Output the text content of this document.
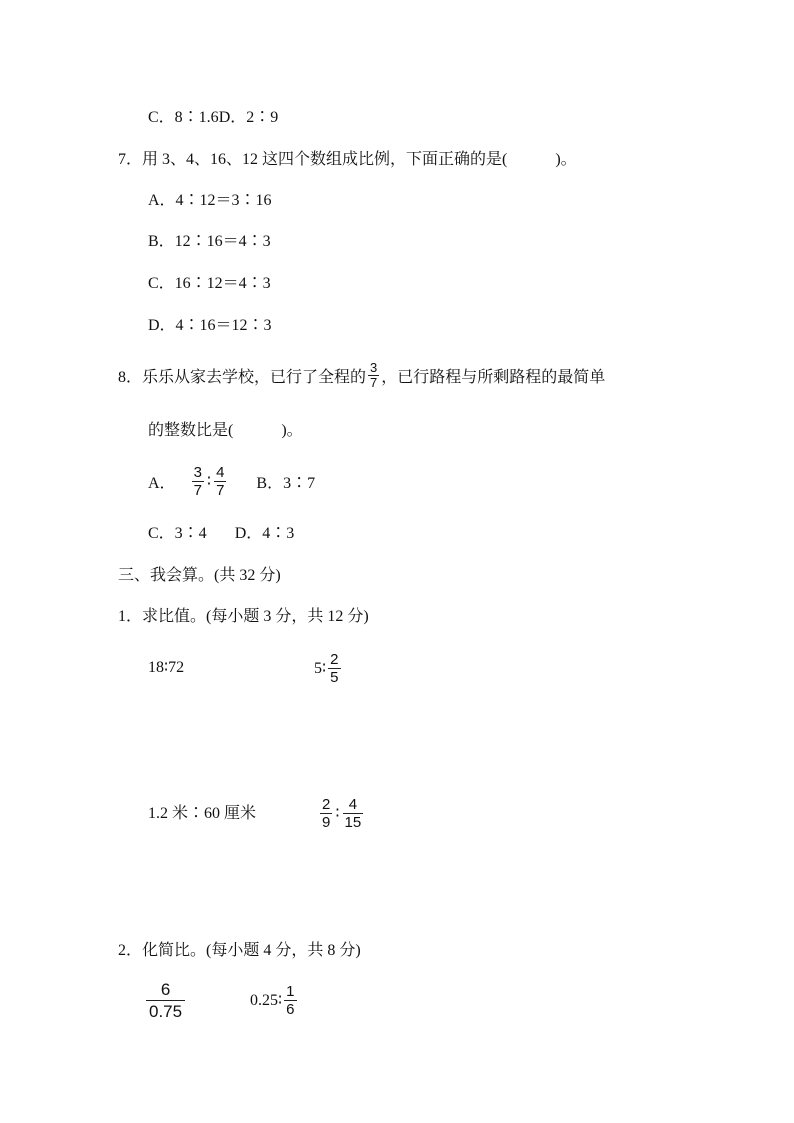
C．8∶1.6D．2∶9
7．用 3、4、16、12 这四个数组成比例，下面正确的是(　　　)。
A．4∶12＝3∶16
B．12∶16＝4∶3
C．16∶12＝4∶3
D．4∶16＝12∶3
8．乐乐从家去学校，已行了全程的 $\frac{3}{7}$ ，已行路程与所剩路程的最简单
的整数比是(　　　)。
A． $\frac{3}{7}$ ∶ $\frac{4}{7}$ B．3∶7
C．3∶4 D．4∶3
三、我会算。(共 32 分)
1．求比值。(每小题 3 分，共 12 分)
18∶72	5∶ $\frac{2}{5}$
1.2 米∶60 厘米	$\frac{2}{9}$ ∶ $\frac{4}{15}$
2．化简比。(每小题 4 分，共 8 分)
$\frac{6}{0.75}$	0.25∶ $\frac{1}{6}$
